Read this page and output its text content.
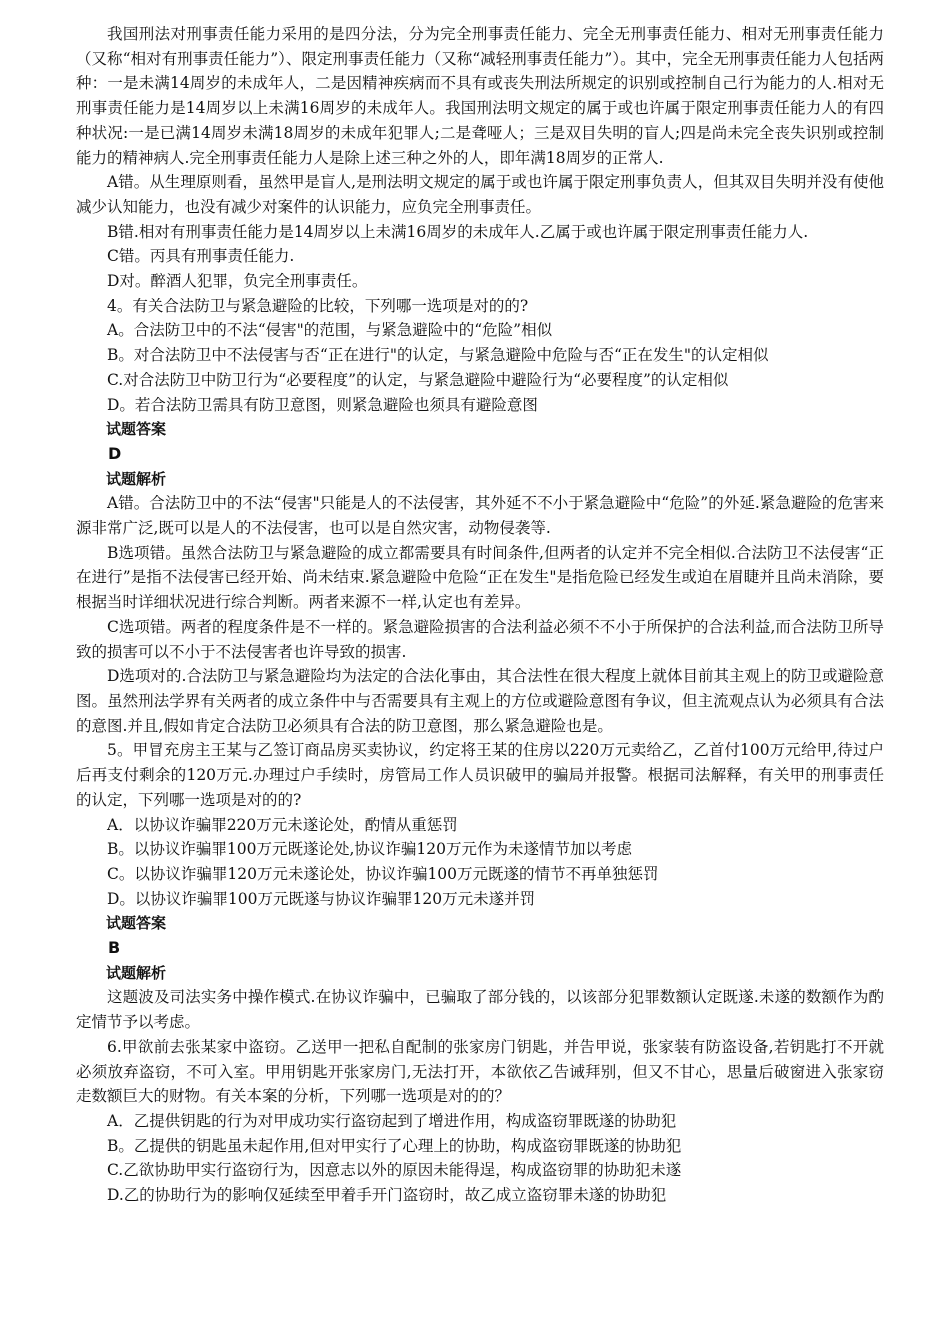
我国刑法对刑事责任能力采用的是四分法，分为完全刑事责任能力、完全无刑事责任能力、相对无刑事责任能力（又称“相对有刑事责任能力”）、限定刑事责任能力（又称“减轻刑事责任能力”）。其中，完全无刑事责任能力人包括两种：一是未满14周岁的未成年人，二是因精神疾病而不具有或丧失刑法所规定的识别或控制自己行为能力的人.相对无刑事责任能力是14周岁以上未满16周岁的未成年人。我国刑法明文规定的属于或也许属于限定刑事责任能力人的有四种状况:一是已满14周岁未满18周岁的未成年犯罪人;二是聋哑人；三是双目失明的盲人;四是尚未完全丧失识别或控制能力的精神病人.完全刑事责任能力人是除上述三种之外的人，即年满18周岁的正常人.

A错。从生理原则看，虽然甲是盲人,是刑法明文规定的属于或也许属于限定刑事负责人，但其双目失明并没有使他减少认知能力，也没有减少对案件的认识能力，应负完全刑事责任。

B错.相对有刑事责任能力是14周岁以上未满16周岁的未成年人.乙属于或也许属于限定刑事责任能力人.

C错。丙具有刑事责任能力.

D对。醉酒人犯罪，负完全刑事责任。

4。有关合法防卫与紧急避险的比较，下列哪一选项是对的的?

A。合法防卫中的不法“侵害"的范围，与紧急避险中的“危险”相似

B。对合法防卫中不法侵害与否“正在进行"的认定，与紧急避险中危险与否“正在发生"的认定相似

C.对合法防卫中防卫行为“必要程度”的认定，与紧急避险中避险行为“必要程度”的认定相似

D。若合法防卫需具有防卫意图，则紧急避险也须具有避险意图

试题答案

D

试题解析

A错。合法防卫中的不法“侵害"只能是人的不法侵害，其外延不不小于紧急避险中“危险”的外延.紧急避险的危害来源非常广泛,既可以是人的不法侵害，也可以是自然灾害，动物侵袭等.

B选项错。虽然合法防卫与紧急避险的成立都需要具有时间条件,但两者的认定并不完全相似.合法防卫不法侵害“正在进行”是指不法侵害已经开始、尚未结束.紧急避险中危险“正在发生"是指危险已经发生或迫在眉睫并且尚未消除，要根据当时详细状况进行综合判断。两者来源不一样,认定也有差异。

C选项错。两者的程度条件是不一样的。紧急避险损害的合法利益必须不不小于所保护的合法利益,而合法防卫所导致的损害可以不小于不法侵害者也许导致的损害.

D选项对的.合法防卫与紧急避险均为法定的合法化事由，其合法性在很大程度上就体目前其主观上的防卫或避险意图。虽然刑法学界有关两者的成立条件中与否需要具有主观上的方位或避险意图有争议，但主流观点认为必须具有合法的意图.并且,假如肯定合法防卫必须具有合法的防卫意图，那么紧急避险也是。

5。甲冒充房主王某与乙签订商品房买卖协议，约定将王某的住房以220万元卖给乙，乙首付100万元给甲,待过户后再支付剩余的120万元.办理过户手续时，房管局工作人员识破甲的骗局并报警。根据司法解释，有关甲的刑事责任的认定，下列哪一选项是对的的?

A．以协议诈骗罪220万元未遂论处，酌情从重惩罚

B。以协议诈骗罪100万元既遂论处,协议诈骗120万元作为未遂情节加以考虑

C。以协议诈骗罪120万元未遂论处，协议诈骗100万元既遂的情节不再单独惩罚

D。以协议诈骗罪100万元既遂与协议诈骗罪120万元未遂并罚

试题答案

B

试题解析

这题波及司法实务中操作模式.在协议诈骗中，已骗取了部分钱的，以该部分犯罪数额认定既遂.未遂的数额作为酌定情节予以考虑。

6.甲欲前去张某家中盗窃。乙送甲一把私自配制的张家房门钥匙，并告甲说，张家装有防盗设备,若钥匙打不开就必须放弃盗窃，不可入室。甲用钥匙开张家房门,无法打开，本欲依乙告诫拜别，但又不甘心，思量后破窗进入张家窃走数额巨大的财物。有关本案的分析，下列哪一选项是对的的？

A．乙提供钥匙的行为对甲成功实行盗窃起到了增进作用，构成盗窃罪既遂的协助犯

B。乙提供的钥匙虽未起作用,但对甲实行了心理上的协助，构成盗窃罪既遂的协助犯

C.乙欲协助甲实行盗窃行为，因意志以外的原因未能得逞，构成盗窃罪的协助犯未遂

D.乙的协助行为的影响仅延续至甲着手开门盗窃时，故乙成立盗窃罪未遂的协助犯
